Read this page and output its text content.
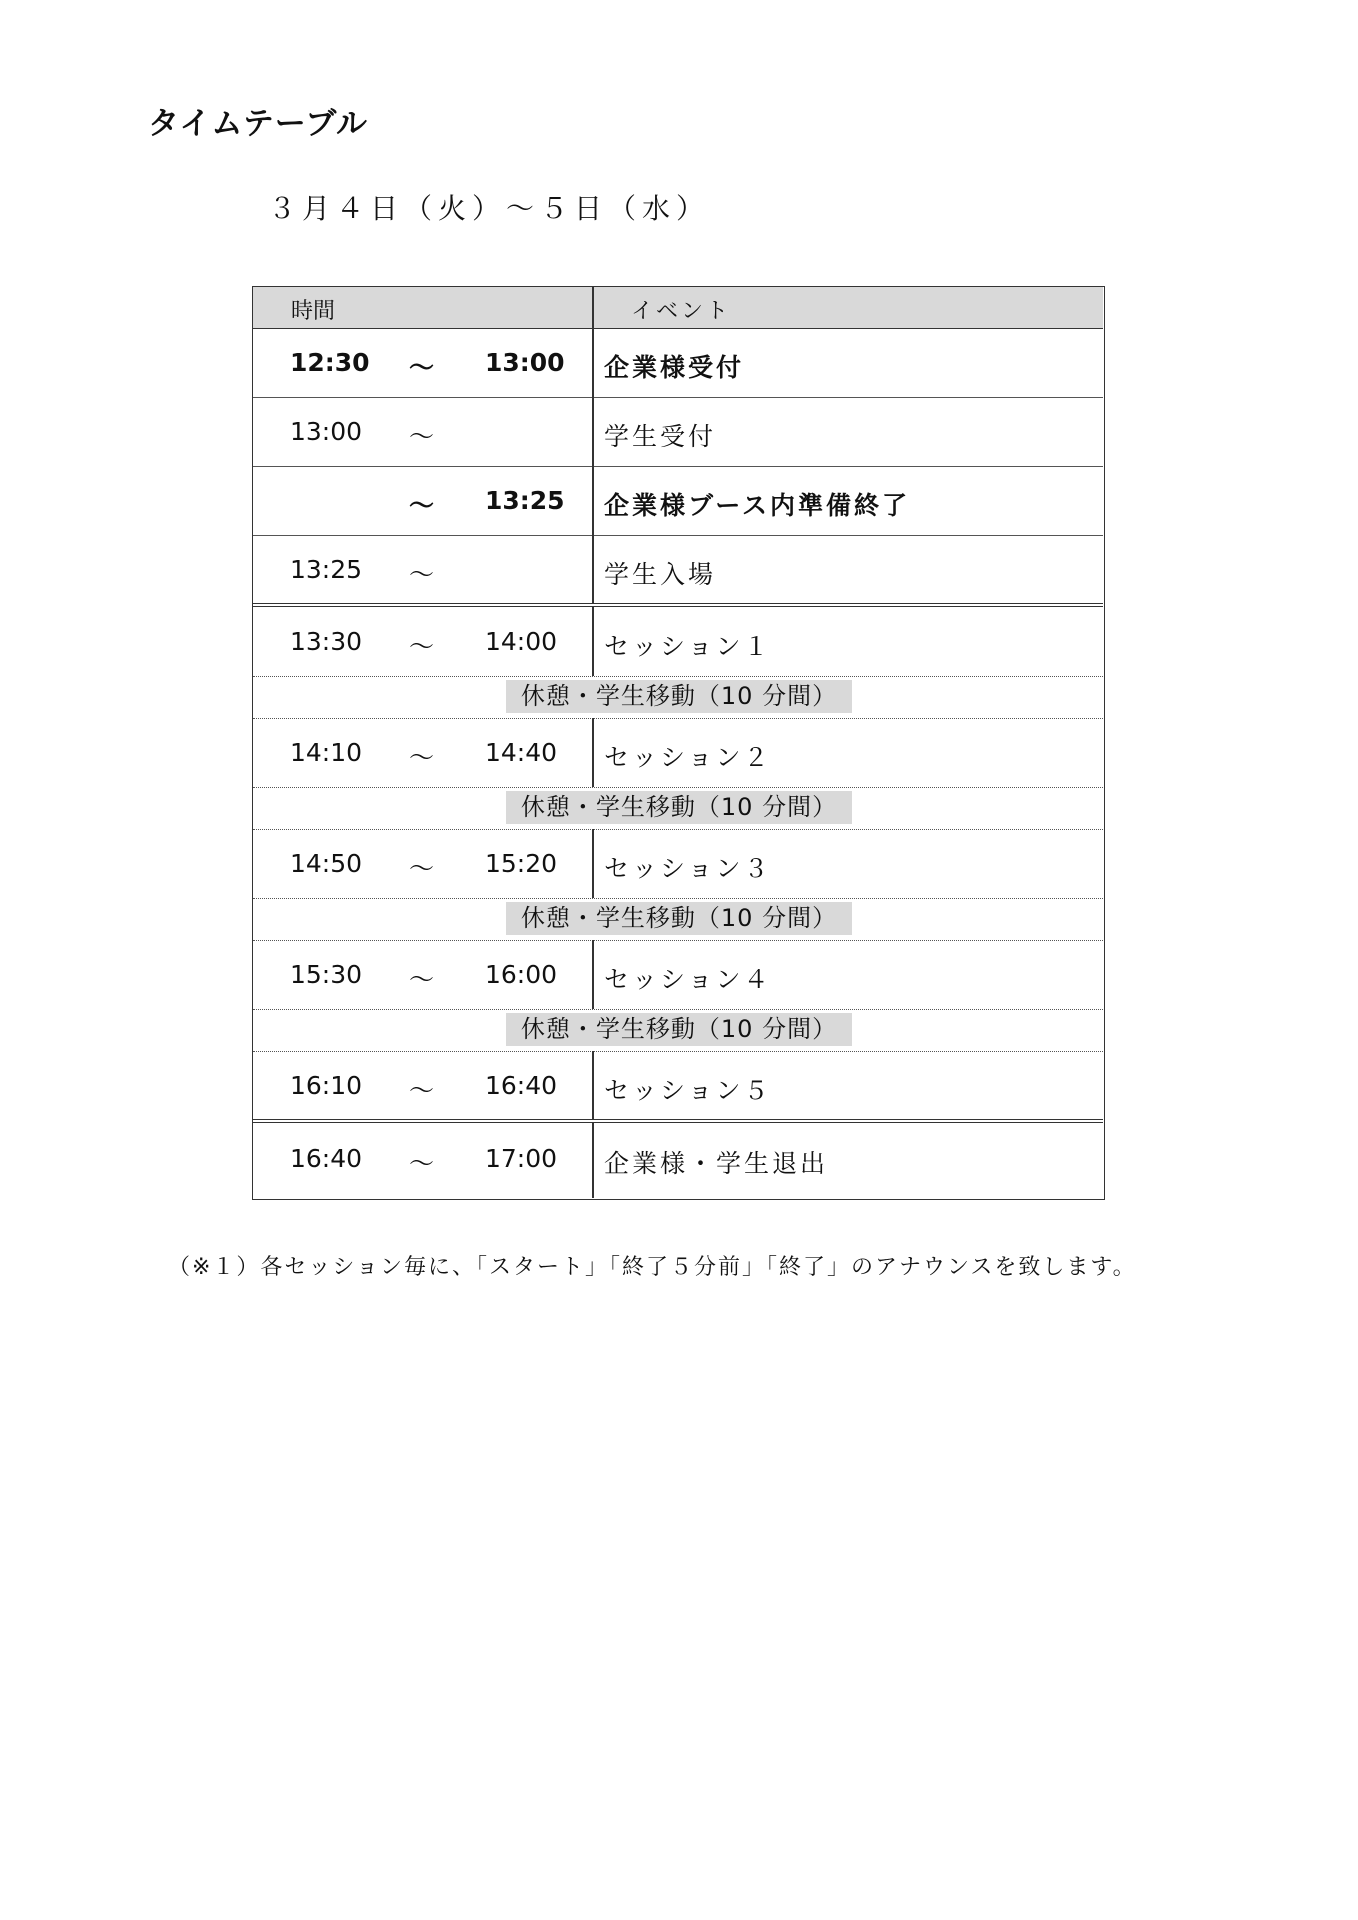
タイムテーブル
３月４日（火）～５日（水）
時間	イベント
12:30 ～ 13:00 企業様受付
13:00 ～	学生受付
～ 13:25 企業様ブース内準備終了
13:25 ～	学生入場
13:30 ～ 14:00 セッション１
休憩・学生移動（10 分間）
14:10 ～ 14:40 セッション２
休憩・学生移動（10 分間）
14:50 ～ 15:20 セッション３
休憩・学生移動（10 分間）
15:30 ～ 16:00 セッション４
休憩・学生移動（10 分間）
16:10 ～ 16:40 セッション５
16:40 ～ 17:00 企業様・学生退出
（※１）各セッション毎に、「スタート」「終了５分前」「終了」のアナウンスを致します。
